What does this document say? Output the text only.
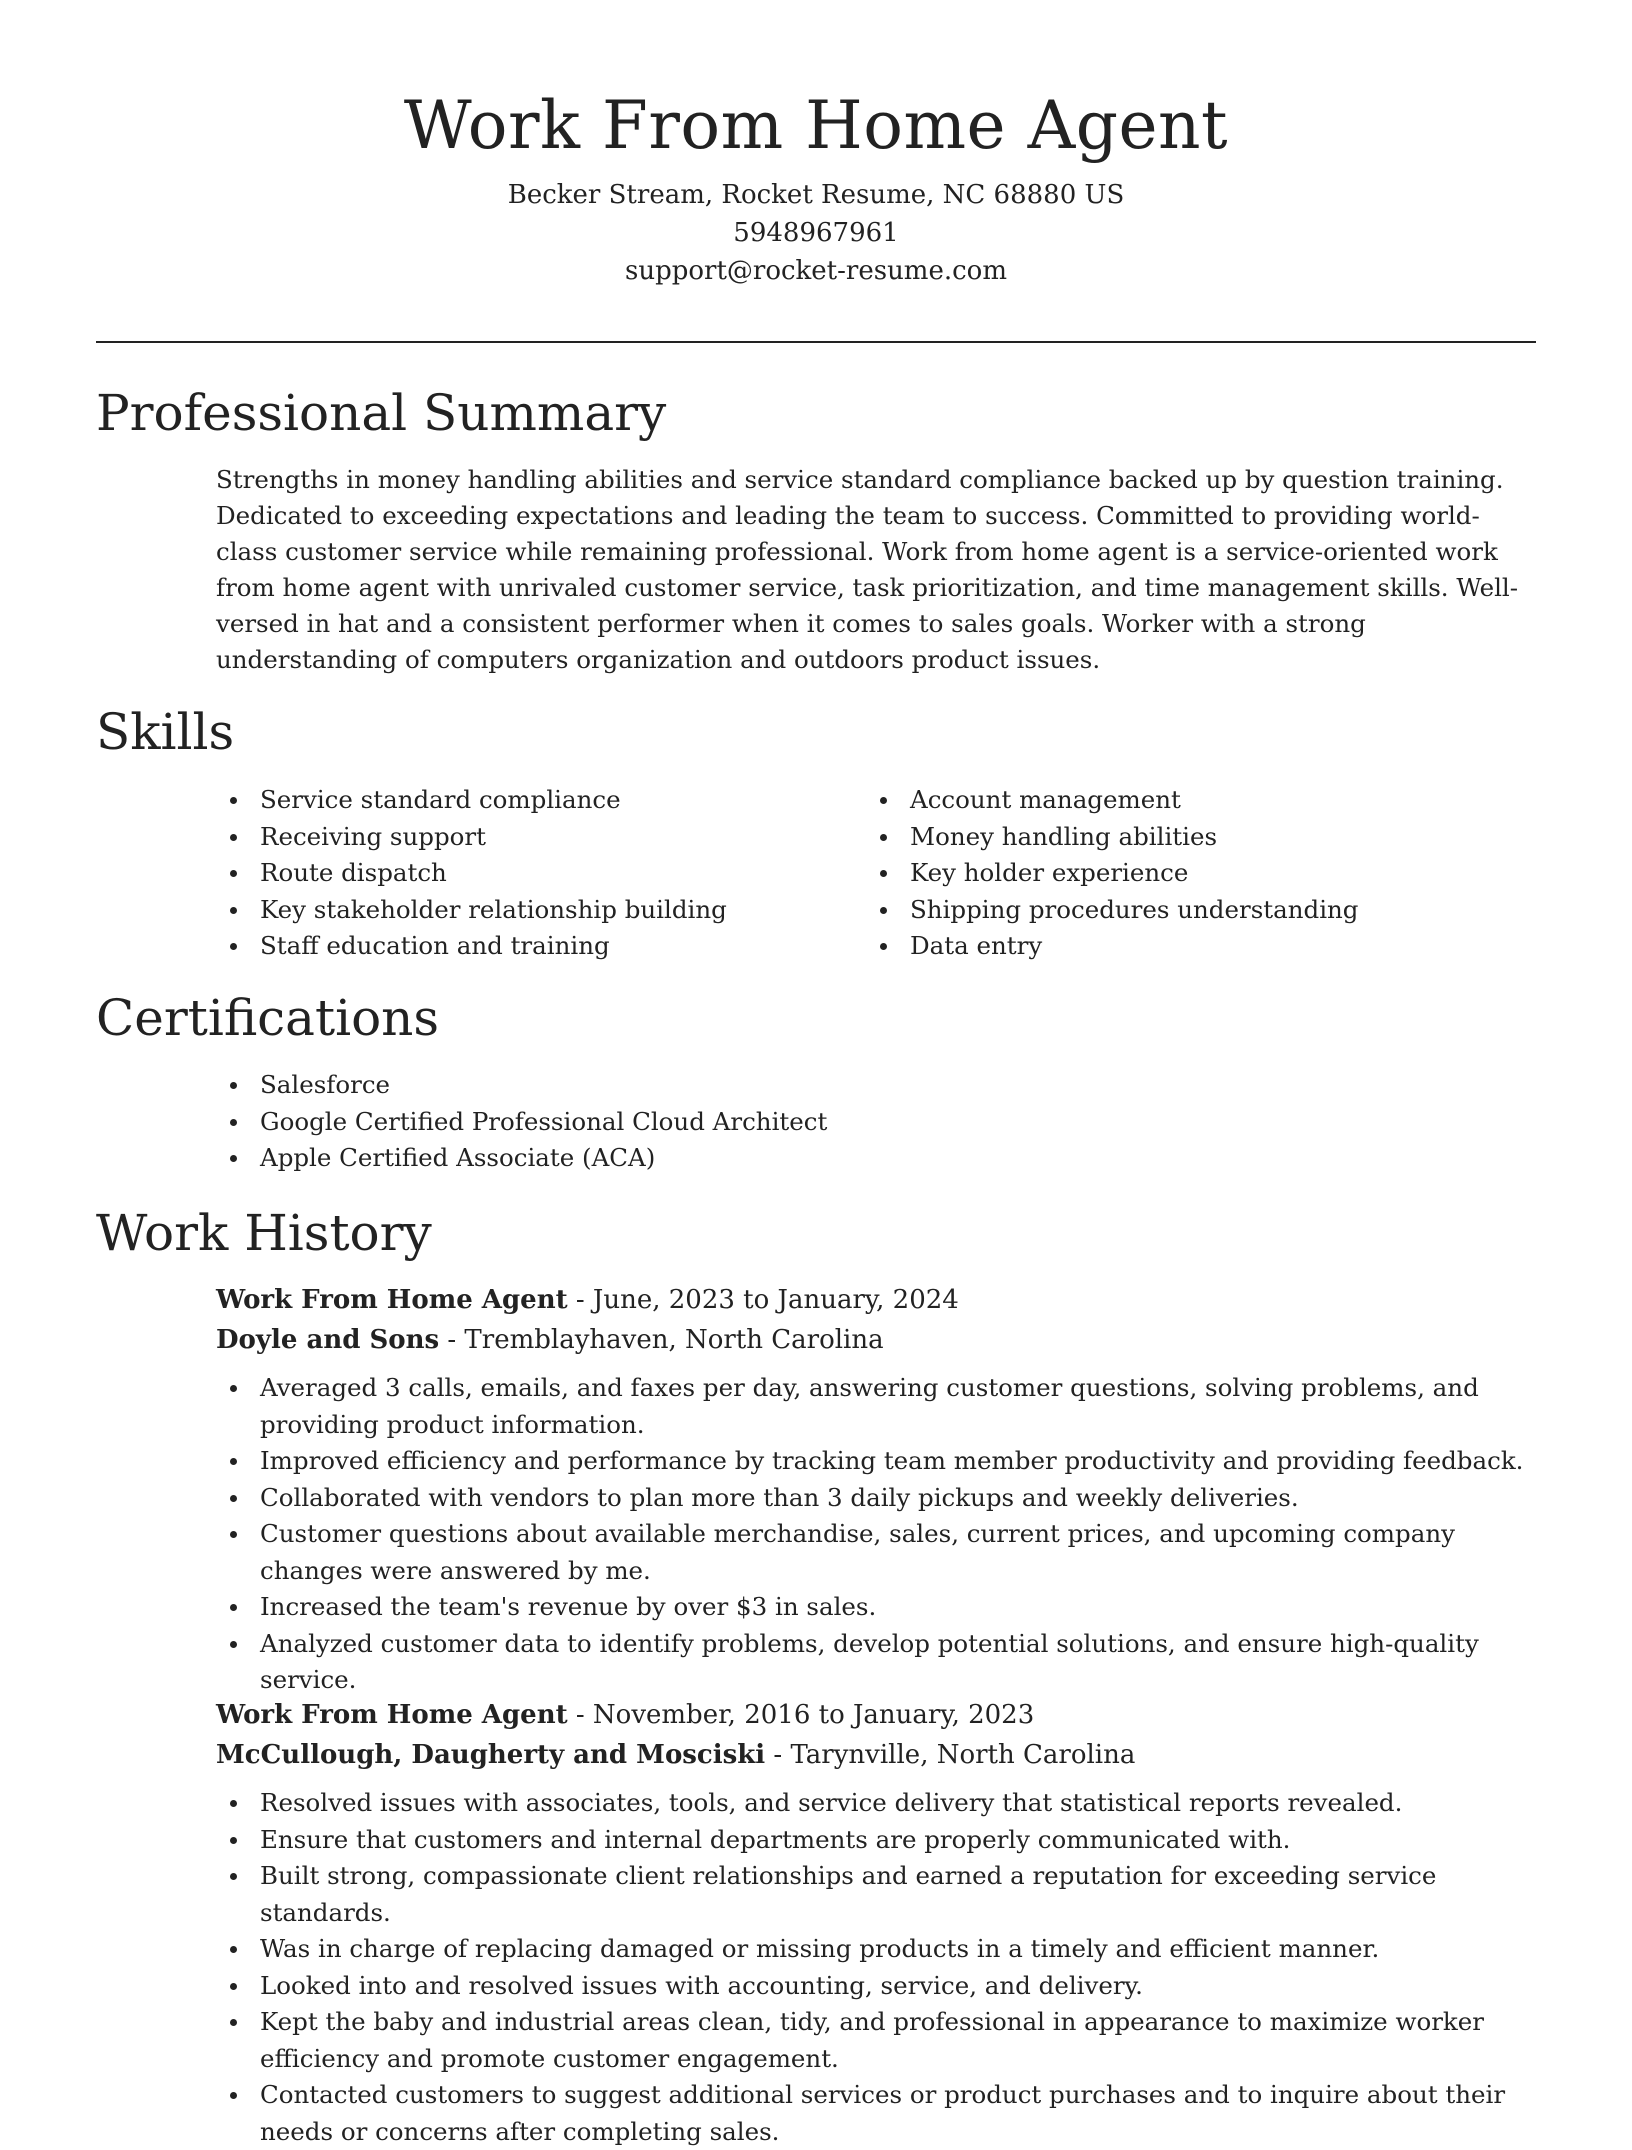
Work From Home Agent
Becker Stream, Rocket Resume, NC 68880 US
5948967961
support@rocket-resume.com
Professional Summary

Strengths in money handling abilities and service standard compliance backed up by question training. Dedicated to exceeding expectations and leading the team to success. Committed to providing world-class customer service while remaining professional. Work from home agent is a service-oriented work from home agent with unrivaled customer service, task prioritization, and time management skills. Well-versed in hat and a consistent performer when it comes to sales goals. Worker with a strong understanding of computers organization and outdoors product issues.

Skills
Service standard compliance
Receiving support
Route dispatch
Key stakeholder relationship building
Staff education and training
Account management
Money handling abilities
Key holder experience
Shipping procedures understanding
Data entry
Certifications
Salesforce
Google Certified Professional Cloud Architect
Apple Certified Associate (ACA)
Work History
Work From Home Agent - June, 2023 to January, 2024
Doyle and Sons - Tremblayhaven, North Carolina
Averaged 3 calls, emails, and faxes per day, answering customer questions, solving problems, and providing product information.
Improved efficiency and performance by tracking team member productivity and providing feedback.
Collaborated with vendors to plan more than 3 daily pickups and weekly deliveries.
Customer questions about available merchandise, sales, current prices, and upcoming company changes were answered by me.
Increased the team's revenue by over $3 in sales.
Analyzed customer data to identify problems, develop potential solutions, and ensure high-quality service.
Work From Home Agent - November, 2016 to January, 2023
McCullough, Daugherty and Mosciski - Tarynville, North Carolina
Resolved issues with associates, tools, and service delivery that statistical reports revealed.
Ensure that customers and internal departments are properly communicated with.
Built strong, compassionate client relationships and earned a reputation for exceeding service standards.
Was in charge of replacing damaged or missing products in a timely and efficient manner.
Looked into and resolved issues with accounting, service, and delivery.
Kept the baby and industrial areas clean, tidy, and professional in appearance to maximize worker efficiency and promote customer engagement.
Contacted customers to suggest additional services or product purchases and to inquire about their needs or concerns after completing sales.
